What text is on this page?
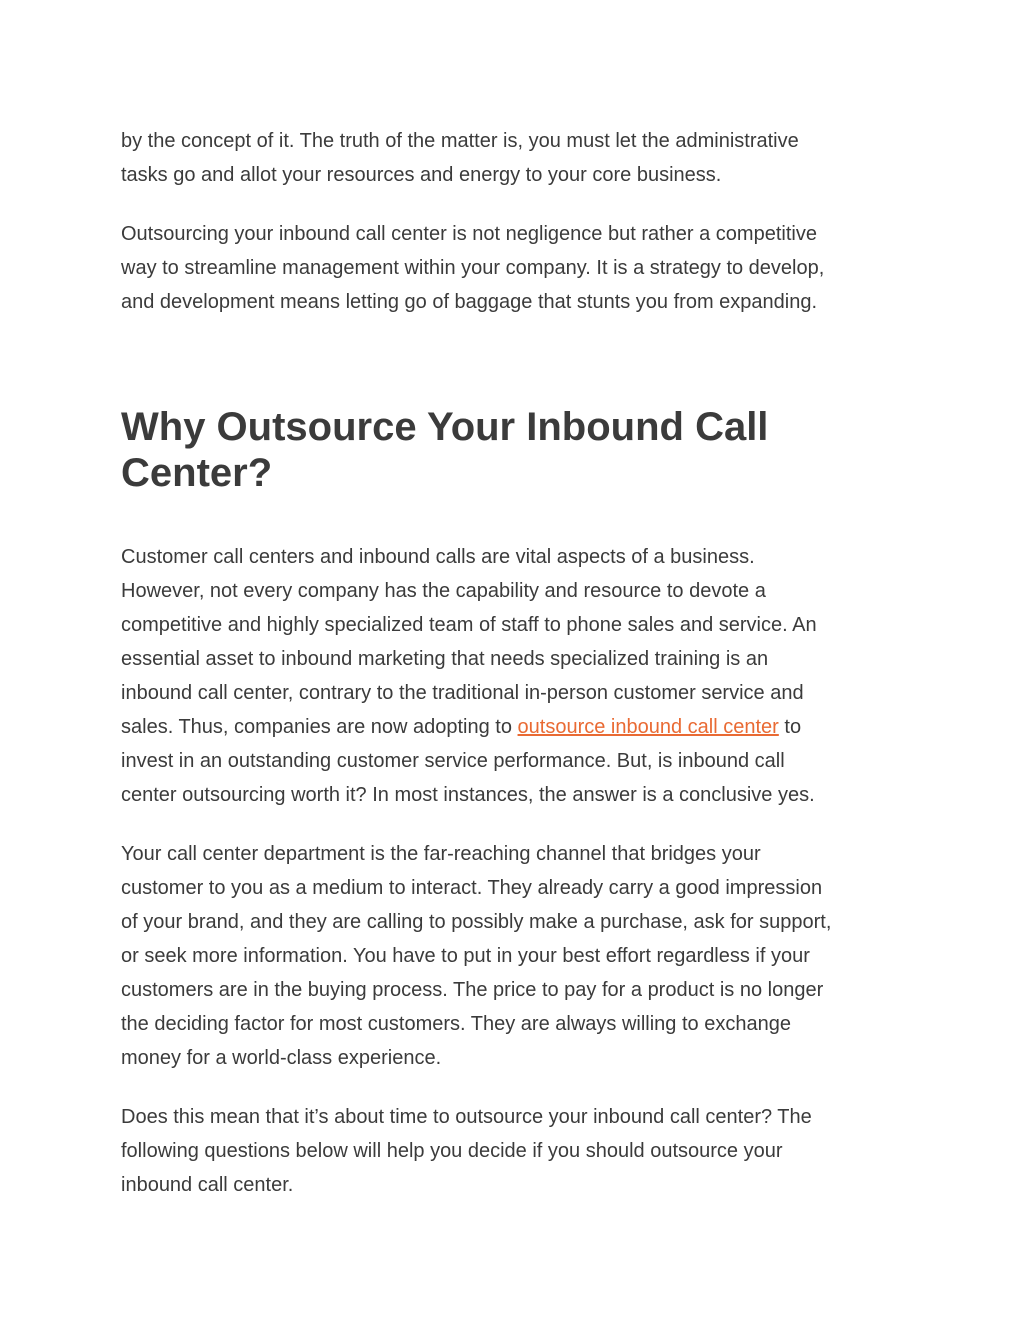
by the concept of it. The truth of the matter is, you must let the administrative
tasks go and allot your resources and energy to your core business.

Outsourcing your inbound call center is not negligence but rather a competitive
way to streamline management within your company. It is a strategy to develop,
and development means letting go of baggage that stunts you from expanding.

Why Outsource Your Inbound Call
Center?

Customer call centers and inbound calls are vital aspects of a business.
However, not every company has the capability and resource to devote a
competitive and highly specialized team of staff to phone sales and service. An
essential asset to inbound marketing that needs specialized training is an
inbound call center, contrary to the traditional in-person customer service and
sales. Thus, companies are now adopting to outsource inbound call center to
invest in an outstanding customer service performance. But, is inbound call
center outsourcing worth it? In most instances, the answer is a conclusive yes.

Your call center department is the far-reaching channel that bridges your
customer to you as a medium to interact. They already carry a good impression
of your brand, and they are calling to possibly make a purchase, ask for support,
or seek more information. You have to put in your best effort regardless if your
customers are in the buying process. The price to pay for a product is no longer
the deciding factor for most customers. They are always willing to exchange
money for a world-class experience.

Does this mean that it’s about time to outsource your inbound call center? The
following questions below will help you decide if you should outsource your
inbound call center.
